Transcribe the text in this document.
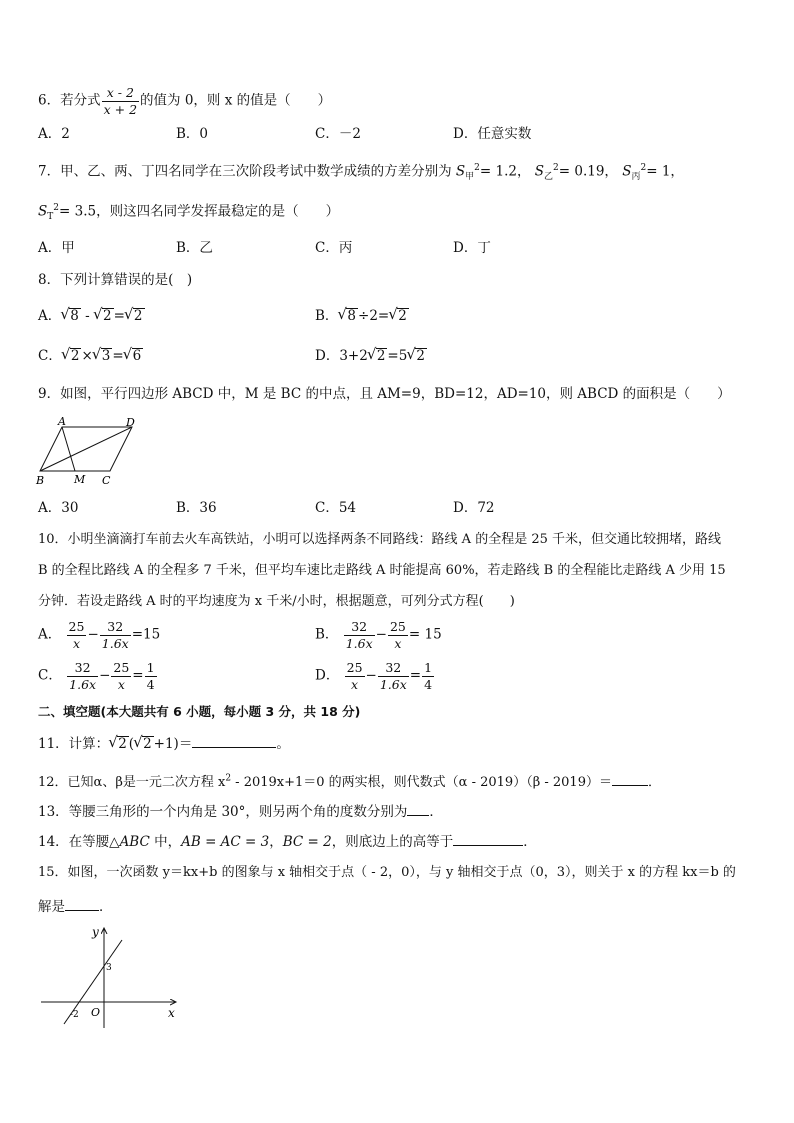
6．若分式 $\frac{x - 2}{x + 2}$ 的值为 0，则 x 的值是（　　）
A．2	B．0	C．－2	D．任意实数
7．甲、乙、两、丁四名同学在三次阶段考试中数学成绩的方差分别为 $S_甲^2= 1.2$， $S_乙^2= 0.19$， $S_丙^2= 1$，
$S_T^2= 3.5$，则这四名同学发挥最稳定的是（　　）
A．甲	B．乙	C．丙	D．丁
8．下列计算错误的是(　)
A． √ 8 - √ 2 = √ 2	B． √ 8 ÷2= √ 2
C． √ 2 × √ 3 = √ 6	D．3+2 √ 2 =5 √ 2
9．如图，平行四边形 ABCD 中，M 是 BC 的中点，且 AM=9，BD=12，AD=10，则 ABCD 的面积是（　　）
A	D
B	M C
A．30	B．36	C．54	D．72
10．小明坐滴滴打车前去火车高铁站，小明可以选择两条不同路线：路线 A 的全程是 25 千米，但交通比较拥堵，路线
B 的全程比路线 A 的全程多 7 千米，但平均车速比走路线 A 时能提高 60%，若走路线 B 的全程能比走路线 A 少用 15
分钟．若设走路线 A 时的平均速度为 x 千米/小时，根据题意，可列分式方程(　　)
A． $\frac{25}{x} - \frac{32}{1.6x} =15$	B． $\frac{32}{1.6x} - \frac{25}{x} = 15$
C． $\frac{32}{1.6x} - \frac{25}{x} = \frac{1}{4}$	D． $\frac{25}{x} - \frac{32}{1.6x} = \frac{1}{4}$
二、填空题(本大题共有 6 小题，每小题 3 分，共 18 分)
11．计算： √ 2 ( √ 2 +1)＝	。
12．已知α、β是一元二次方程 $x^2 - 2019x+1=0$ 的两实根，则代数式（α - 2019）（β - 2019）＝	．
13．等腰三角形的一个内角是 30°，则另两个角的度数分别为 ．
14．在等腰△ABC 中，AB = AC = 3，BC = 2，则底边上的高等于	．
15．如图，一次函数 y＝kx+b 的图象与 x 轴相交于点（ - 2，0），与 y 轴相交于点（0，3），则关于 x 的方程 kx＝b 的
解是	．
y
x
O
3
-2
